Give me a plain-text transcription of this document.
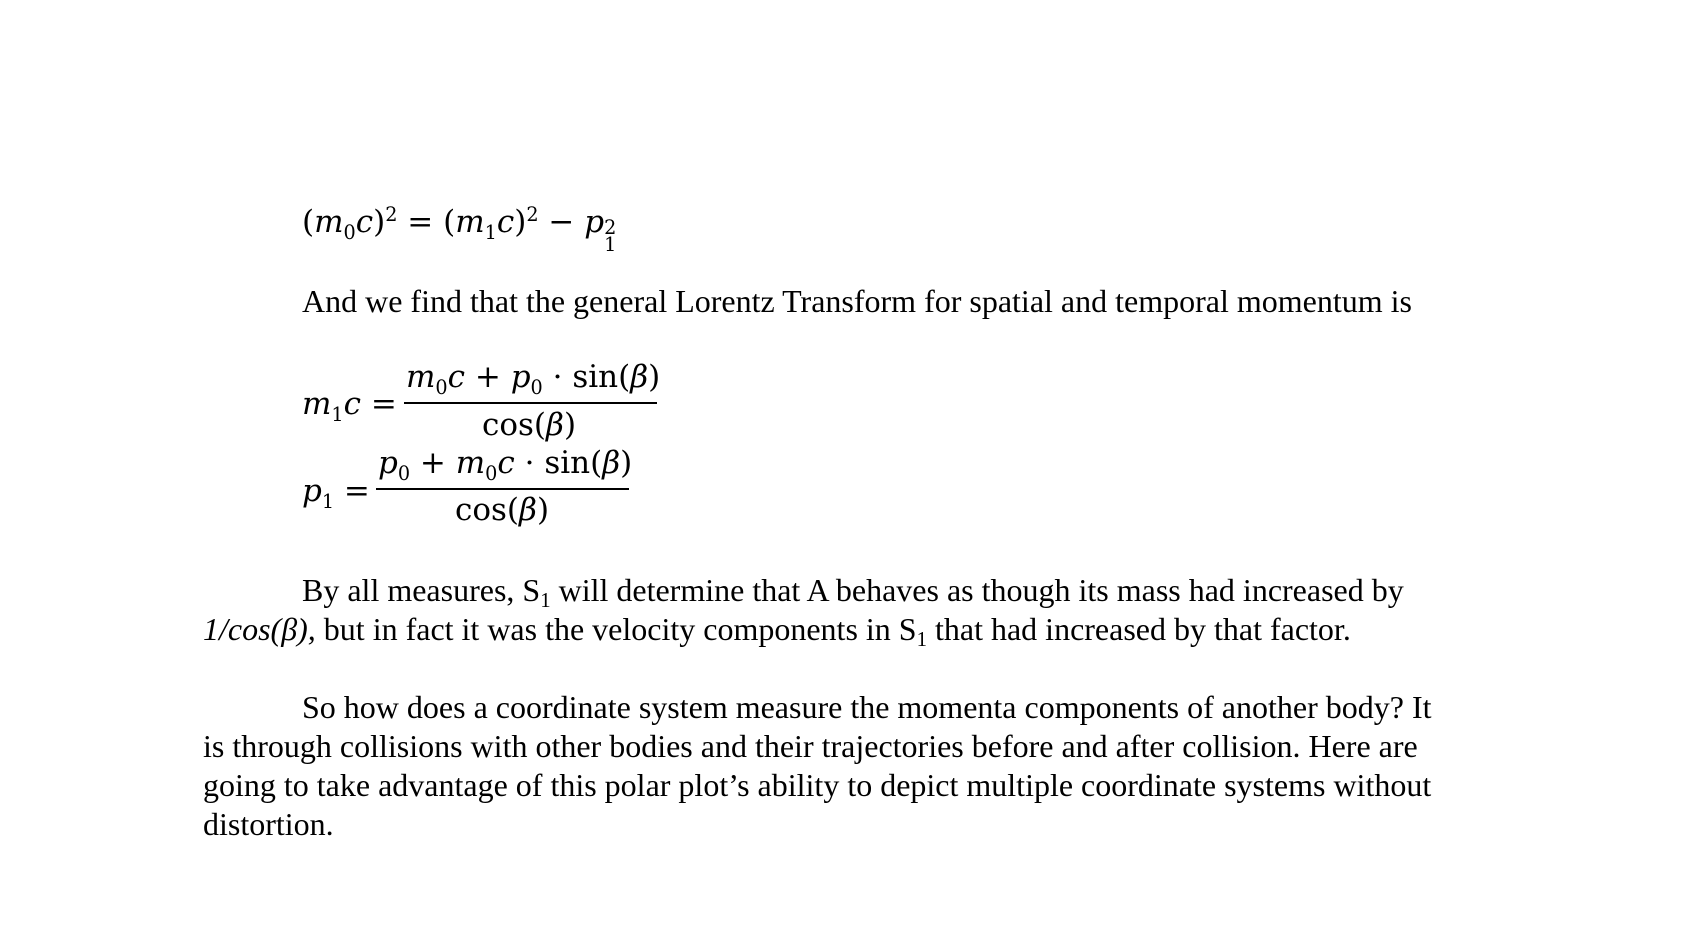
$(m_0c)^2 = (m_1c)^2 - p$ 2
1
And we find that the general Lorentz Transform for spatial and temporal momentum is
$m_1c$ =
$m_0c + p_0 \cdot \sin(\beta)$
cos(β)
$p_1$ =
$p_0 + m_0c \cdot \sin(\beta)$
cos(β)
By all measures, S1 will determine that A behaves as though its mass had increased by
1/cos(β), but in fact it was the velocity components in S1 that had increased by that factor.
So how does a coordinate system measure the momenta components of another body? It
is through collisions with other bodies and their trajectories before and after collision. Here are
going to take advantage of this polar plot’s ability to depict multiple coordinate systems without
distortion.
